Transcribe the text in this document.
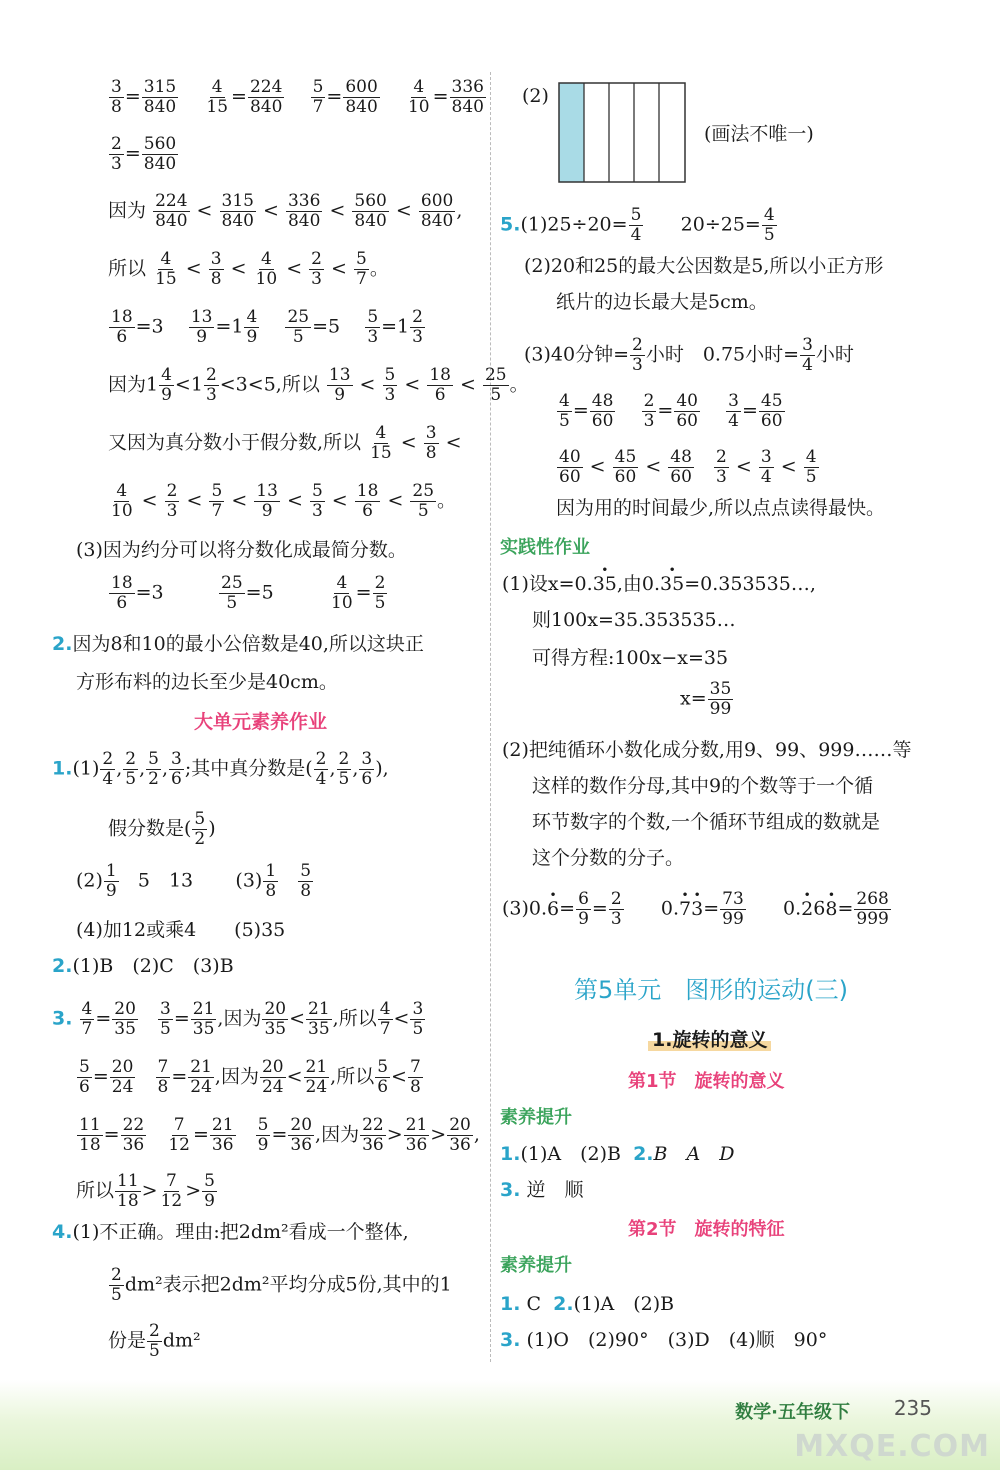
$\frac{3}{8} = \frac{315}{840}$
$\frac{4}{15} = \frac{224}{840}$
$\frac{5}{7} = \frac{600}{840}$
$\frac{4}{10} = \frac{336}{840}$
$\frac{2}{3} = \frac{560}{840}$
因为 $\frac{224}{840} < \frac{315}{840} < \frac{336}{840} < \frac{560}{840} < \frac{600}{840}$ ,
所以 $\frac{4}{15} < \frac{3}{8} < \frac{4}{10} < \frac{2}{3} < \frac{5}{7}$ 。
$\frac{18}{6} =3 \frac{13}{9} =1 \frac{4}{9}$
$\frac{25}{5} =5 \frac{5}{3} =1 \frac{2}{3}$
因为$1 \frac{4}{9} <1 \frac{2}{3} <3<5$,所以 $\frac{13}{9} < \frac{5}{3} < \frac{18}{6} < \frac{25}{5}$ 。
又因为真分数小于假分数,所以 $\frac{4}{15} < \frac{3}{8}$ <
$\frac{4}{10} < \frac{2}{3} < \frac{5}{7} < \frac{13}{9} < \frac{5}{3} < \frac{18}{6} < \frac{25}{5}$ 。
(3)因为约分可以将分数化成最简分数。
$\frac{18}{6} =3$	$\frac{25}{5} =5$	$\frac{4}{10} = \frac{2}{5}$
2.因为8和10的最小公倍数是40,所以这块正
方形布料的边长至少是40cm。
大单元素养作业
$1.(1) \frac{2}{4}$ , $\frac{2}{5}$ , $\frac{5}{2}$ , $\frac{3}{6}$ ;其中真分数是( $\frac{2}{4}$ , $\frac{2}{5}$ , $\frac{3}{6}$ ),
假分数是( $\frac{5}{2}$ )
$(2) \frac{1}{9} 5$　13 $(3) \frac{1}{8}$
$\frac{5}{8}$
(4)加12或乘4　　(5)35
2.(1)B　(2)C　(3)B
3. $\frac{4}{7} = \frac{20}{35}$
$\frac{3}{5} = \frac{21}{35}$ ,因为 $\frac{20}{35} < \frac{21}{35}$ ,所以 $\frac{4}{7} < \frac{3}{5}$
$\frac{5}{6} = \frac{20}{24}$
$\frac{7}{8} = \frac{21}{24}$ ,因为 $\frac{20}{24} < \frac{21}{24}$ ,所以 $\frac{5}{6} < \frac{7}{8}$
$\frac{11}{18} = \frac{22}{36}$
$\frac{7}{12} = \frac{21}{36}$
$\frac{5}{9} = \frac{20}{36}$ ,因为 $\frac{22}{36} > \frac{21}{36} > \frac{20}{36}$ ,
所以 $\frac{11}{18} > \frac{7}{12} > \frac{5}{9}$
4.(1)不正确。理由:把2dm²看成一个整体,
$\frac{2}{5} dm^2$表示把2dm²平均分成5份,其中的1
份是 $\frac{2}{5} dm^2$
(2)
(画法不唯一)
$5.(1)25\div 20= \frac{5}{4} 20\div 25= \frac{4}{5}$
(2)20和25的最大公因数是5,所以小正方形
纸片的边长最大是5cm。
(3)40分钟= $\frac{2}{3}$ 小时　0.75小时= $\frac{3}{4}$ 小时
$\frac{4}{5} = \frac{48}{60}$
$\frac{2}{3} = \frac{40}{60}$
$\frac{3}{4} = \frac{45}{60}$
$\frac{40}{60} < \frac{45}{60} < \frac{48}{60}$
$\frac{2}{3} < \frac{3}{4} < \frac{4}{5}$
因为用的时间最少,所以点点读得最快。
实践性作业
(1)设x=0.· 35,由0.· 35=0.353535…,
则100x=35.353535…
可得方程:100x−x=35
$x= \frac{35}{99}$
(2)把纯循环小数化成分数,用9、99、999……等
这样的数作分母,其中9的个数等于一个循
环节数字的个数,一个循环节组成的数就是
这个分数的分子。
$(3)0.\cdot 6= \frac{6}{9} = \frac{2}{3} 0.\cdot 7\cdot 3= \frac{73}{99} 0.\cdot 26\cdot 8= \frac{268}{999}$
第5单元　图形的运动(三)
1.旋转的意义
第1节　旋转的意义
素养提升
1.(1)A　(2)B 2.B　A　D
3. 逆　顺
第2节　旋转的特征
素养提升
1. C 2.(1)A　(2)B
3. (1)O　(2)90°　(3)D　(4)顺　90°
数学·五年级下 235
MXQE.COM
